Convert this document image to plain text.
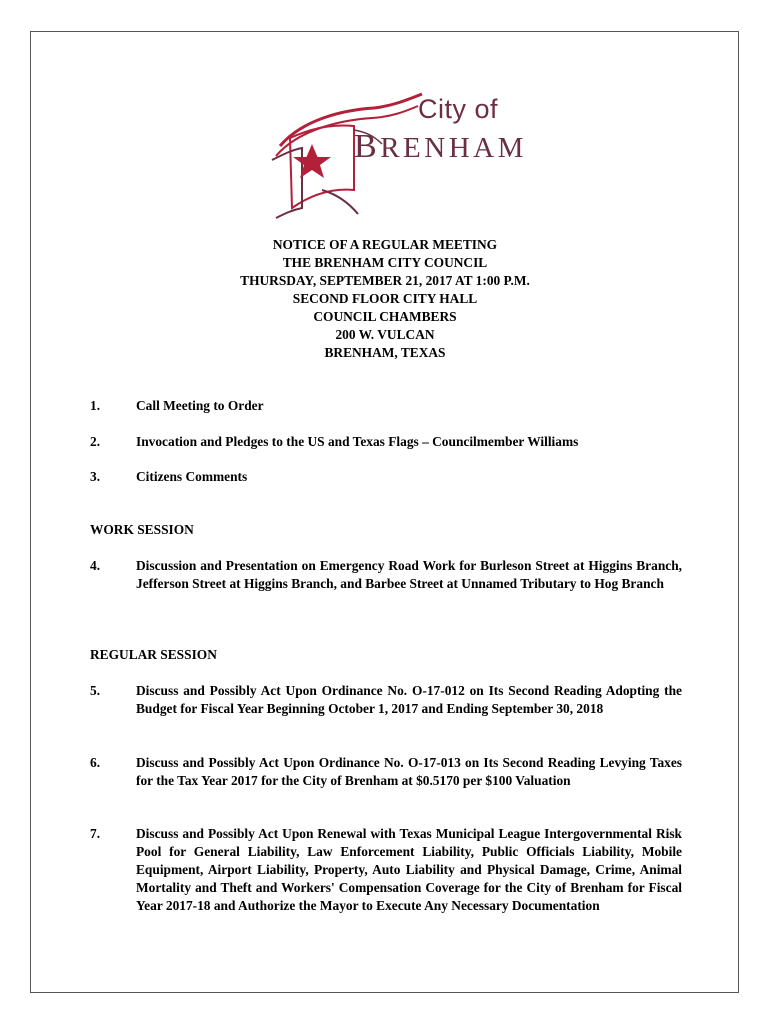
City of
BRENHAM
NOTICE OF A REGULAR MEETING
THE BRENHAM CITY COUNCIL
THURSDAY, SEPTEMBER 21, 2017 AT 1:00 P.M.
SECOND FLOOR CITY HALL
COUNCIL CHAMBERS
200 W. VULCAN
BRENHAM, TEXAS
1.	Call Meeting to Order
2.	Invocation and Pledges to the US and Texas Flags – Councilmember Williams
3.	Citizens Comments
WORK SESSION
4.	Discussion and Presentation on Emergency Road Work for Burleson Street at Higgins Branch, Jefferson Street at Higgins Branch, and Barbee Street at Unnamed Tributary to Hog Branch
REGULAR SESSION
5.	Discuss and Possibly Act Upon Ordinance No. O-17-012 on Its Second Reading Adopting the Budget for Fiscal Year Beginning October 1, 2017 and Ending September 30, 2018
6.	Discuss and Possibly Act Upon Ordinance No. O-17-013 on Its Second Reading Levying Taxes for the Tax Year 2017 for the City of Brenham at $0.5170 per $100 Valuation
7.	Discuss and Possibly Act Upon Renewal with Texas Municipal League Intergovernmental Risk Pool for General Liability, Law Enforcement Liability, Public Officials Liability, Mobile Equipment, Airport Liability, Property, Auto Liability and Physical Damage, Crime, Animal Mortality and Theft and Workers' Compensation Coverage for the City of Brenham for Fiscal Year 2017-18 and Authorize the Mayor to Execute Any Necessary Documentation
